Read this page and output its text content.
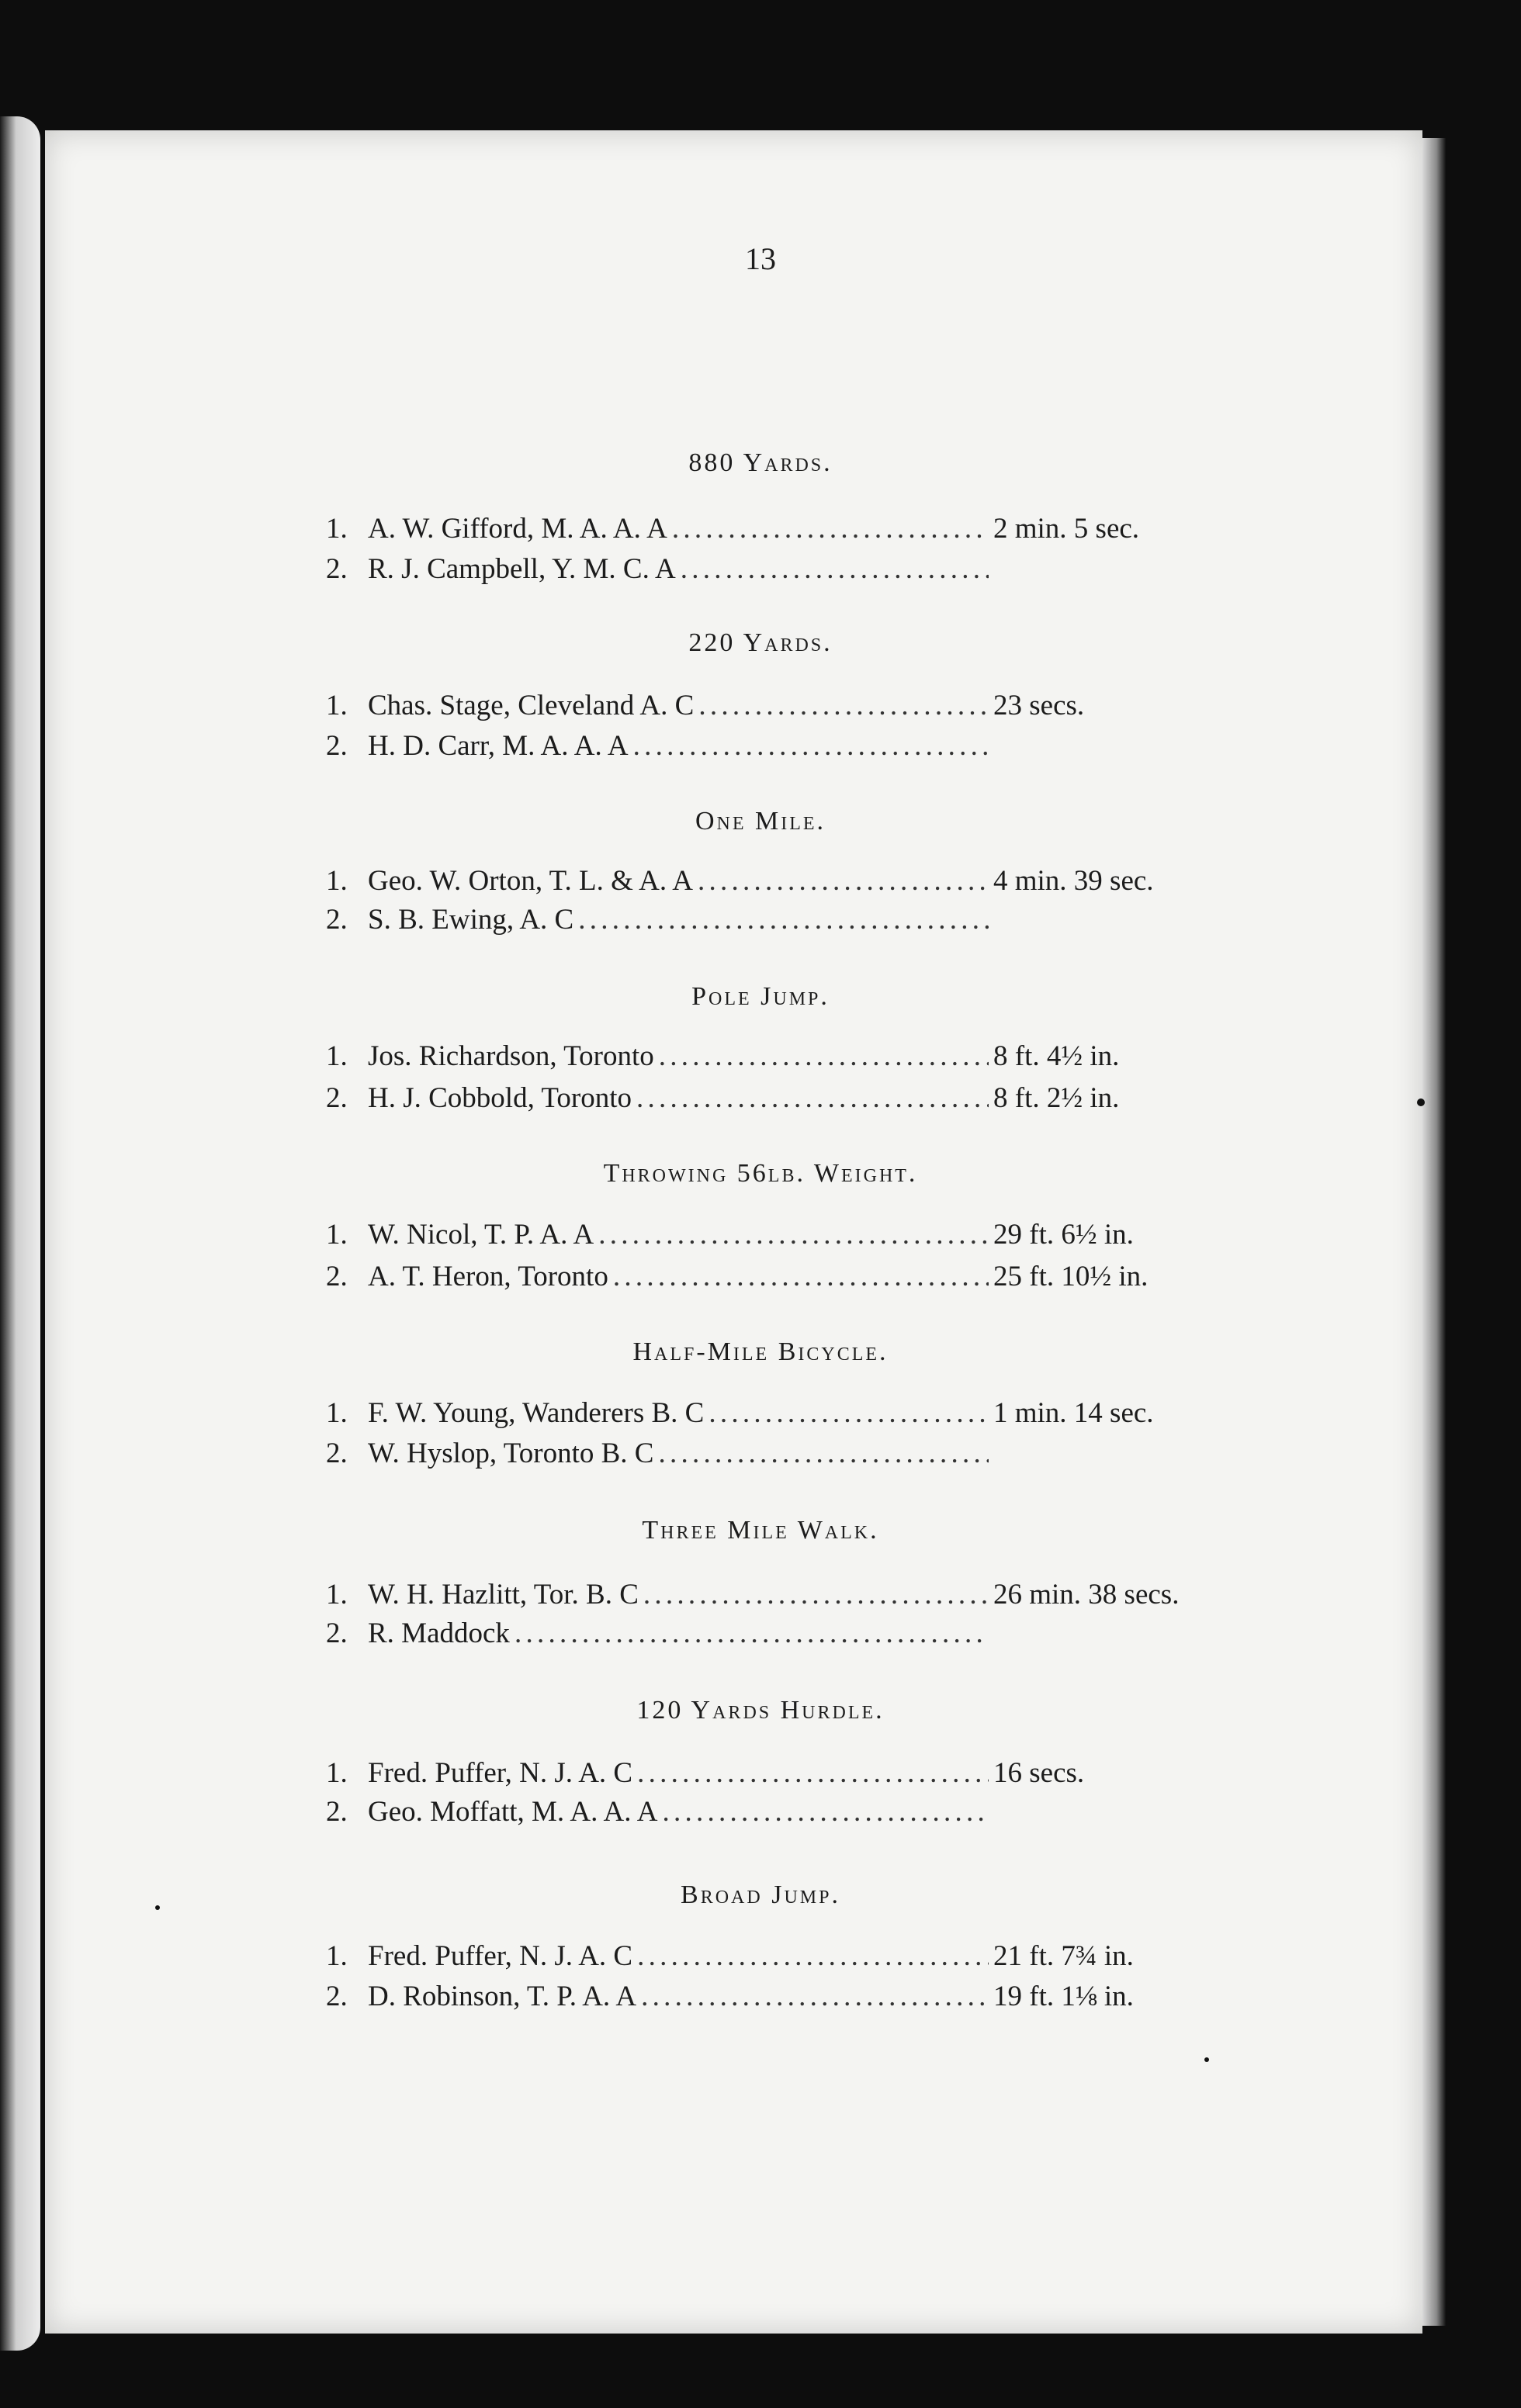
13
880 Yards.
1. A. W. Gifford, M. A. A. A . . .	2 min. 5 sec.
2. R. J. Campbell, Y. M. C. A
. . .
220 Yards.
1. Chas. Stage, Cleveland A. C . . .	23 secs.
2. H. D. Carr, M. A. A. A
. . .
One Mile.
1. Geo. W. Orton, T. L. & A. A . . .	4 min. 39 sec.
2. S. B. Ewing, A. C
. . .
Pole Jump.
1. Jos. Richardson, Toronto . . .	8 ft. 4½ in.
2. H. J. Cobbold, Toronto . . .	8 ft. 2½ in.
Throwing 56lb. Weight.
1. W. Nicol, T. P. A. A . . .	29 ft. 6½ in.
2. A. T. Heron, Toronto . . .	25 ft. 10½ in.
Half-Mile Bicycle.
1. F. W. Young, Wanderers B. C . . .	1 min. 14 sec.
2. W. Hyslop, Toronto B. C
. . .
Three Mile Walk.
1. W. H. Hazlitt, Tor. B. C . . .	26 min. 38 secs.
2. R. Maddock
. . .
120 Yards Hurdle.
1. Fred. Puffer, N. J. A. C . . .	16 secs.
2. Geo. Moffatt, M. A. A. A
. . .
Broad Jump.
1. Fred. Puffer, N. J. A. C . . .	21 ft. 7¾ in.
2. D. Robinson, T. P. A. A . . .	19 ft. 1⅛ in.
